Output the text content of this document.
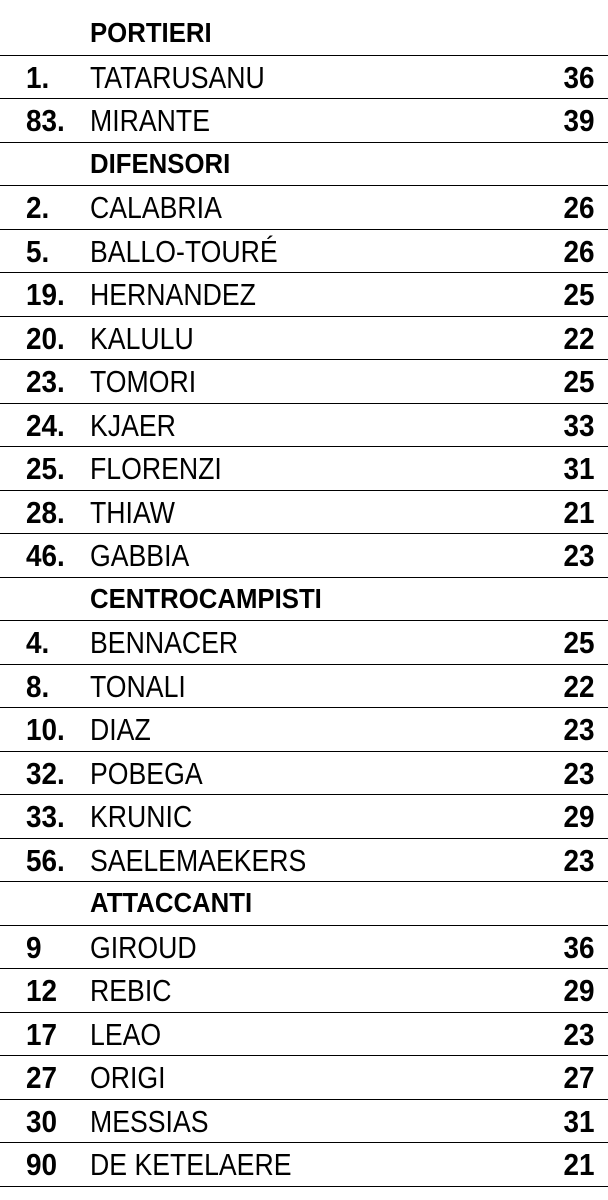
PORTIERI
1. TATARUSANU	36
83. MIRANTE	39
DIFENSORI
2. CALABRIA	26
5. BALLO-TOURÉ	26
19. HERNANDEZ	25
20. KALULU	22
23. TOMORI	25
24. KJAER	33
25. FLORENZI	31
28. THIAW	21
46. GABBIA	23
CENTROCAMPISTI
4. BENNACER	25
8. TONALI	22
10. DIAZ	23
32. POBEGA	23
33. KRUNIC	29
56. SAELEMAEKERS	23
ATTACCANTI
9 GIROUD	36
12 REBIC	29
17 LEAO	23
27 ORIGI	27
30 MESSIAS	31
90 DE KETELAERE	21
